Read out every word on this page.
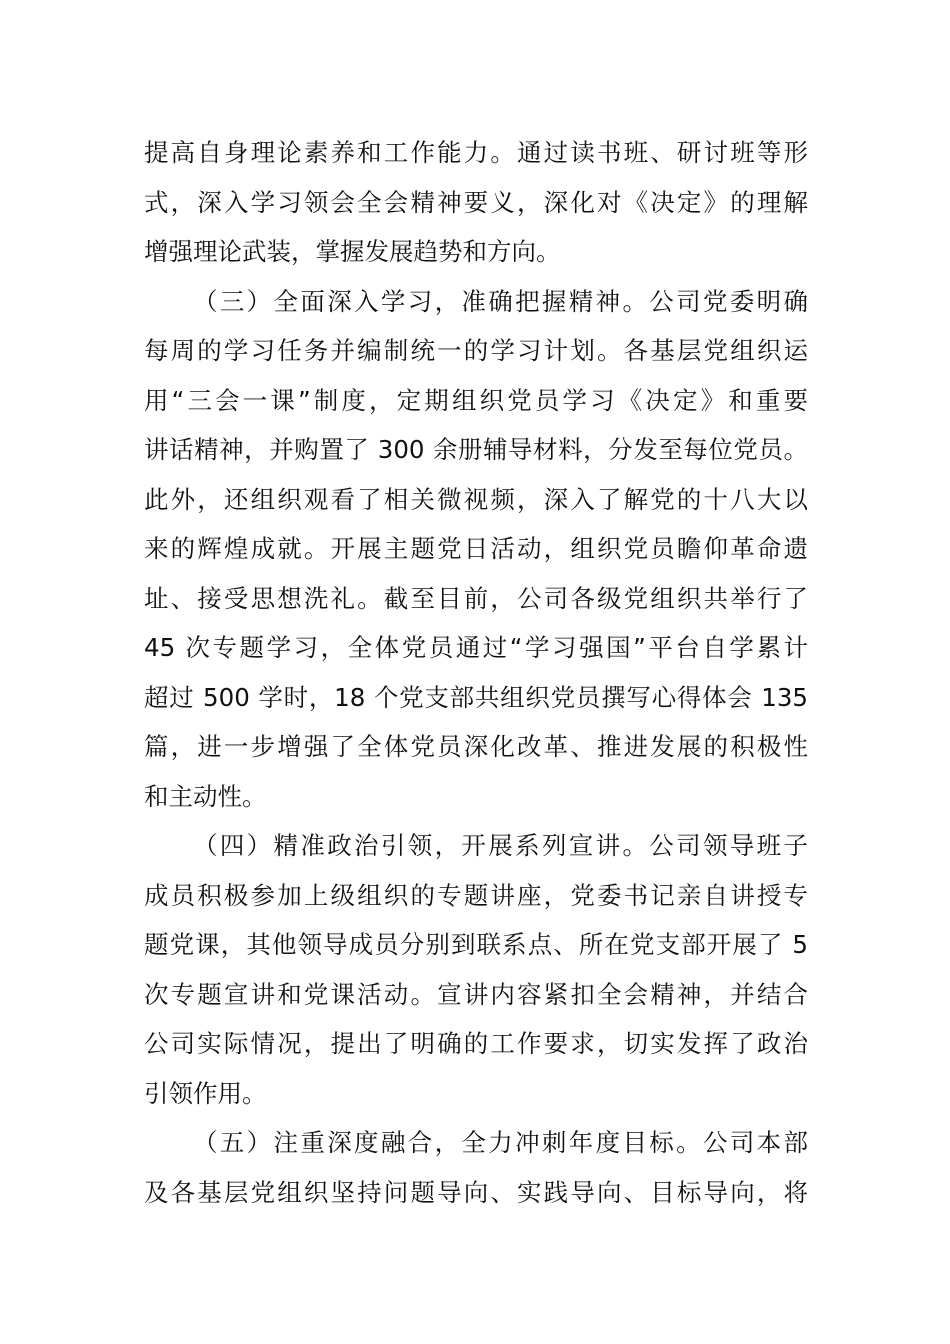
提高自身理论素养和工作能力。通过读书班、研讨班等形
式，深入学习领会全会精神要义，深化对《决定》的理解
增强理论武装，掌握发展趋势和方向。
（三）全面深入学习，准确把握精神。公司党委明确
每周的学习任务并编制统一的学习计划。各基层党组织运
用“三会一课”制度，定期组织党员学习《决定》和重要
讲话精神，并购置了 300 余册辅导材料，分发至每位党员。
此外，还组织观看了相关微视频，深入了解党的十八大以
来的辉煌成就。开展主题党日活动，组织党员瞻仰革命遗
址、接受思想洗礼。截至目前，公司各级党组织共举行了
45 次专题学习，全体党员通过“学习强国”平台自学累计
超过 500 学时，18 个党支部共组织党员撰写心得体会 135
篇，进一步增强了全体党员深化改革、推进发展的积极性
和主动性。
（四）精准政治引领，开展系列宣讲。公司领导班子
成员积极参加上级组织的专题讲座，党委书记亲自讲授专
题党课，其他领导成员分别到联系点、所在党支部开展了 5
次专题宣讲和党课活动。宣讲内容紧扣全会精神，并结合
公司实际情况，提出了明确的工作要求，切实发挥了政治
引领作用。
（五）注重深度融合，全力冲刺年度目标。公司本部
及各基层党组织坚持问题导向、实践导向、目标导向，将
